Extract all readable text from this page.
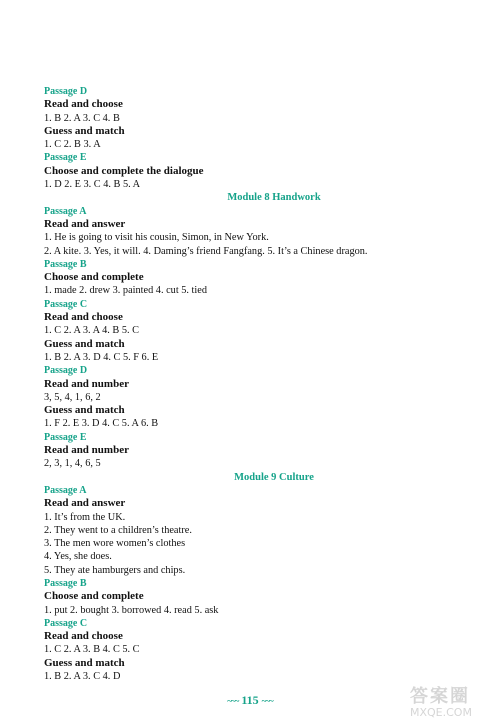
Passage D
Read and choose
1. B 2. A 3. C 4. B
Guess and match
1. C 2. B 3. A
Passage E
Choose and complete the dialogue
1. D 2. E 3. C 4. B 5. A
Module 8 Handwork
Passage A
Read and answer
1. He is going to visit his cousin, Simon, in New York.
2. A kite. 3. Yes, it will. 4. Daming’s friend Fangfang. 5. It’s a Chinese dragon.
Passage B
Choose and complete
1. made 2. drew 3. painted 4. cut 5. tied
Passage C
Read and choose
1. C 2. A 3. A 4. B 5. C
Guess and match
1. B 2. A 3. D 4. C 5. F 6. E
Passage D
Read and number
3, 5, 4, 1, 6, 2
Guess and match
1. F 2. E 3. D 4. C 5. A 6. B
Passage E
Read and number
2, 3, 1, 4, 6, 5
Module 9 Culture
Passage A
Read and answer
1. It’s from the UK.
2. They went to a children’s theatre.
3. The men wore women’s clothes
4. Yes, she does.
5. They ate hamburgers and chips.
Passage B
Choose and complete
1. put 2. bought 3. borrowed 4. read 5. ask
Passage C
Read and choose
1. C 2. A 3. B 4. C 5. C
Guess and match
1. B 2. A 3. C 4. D
~~~ 115 ~~~	答案圈
MXQE.COM
